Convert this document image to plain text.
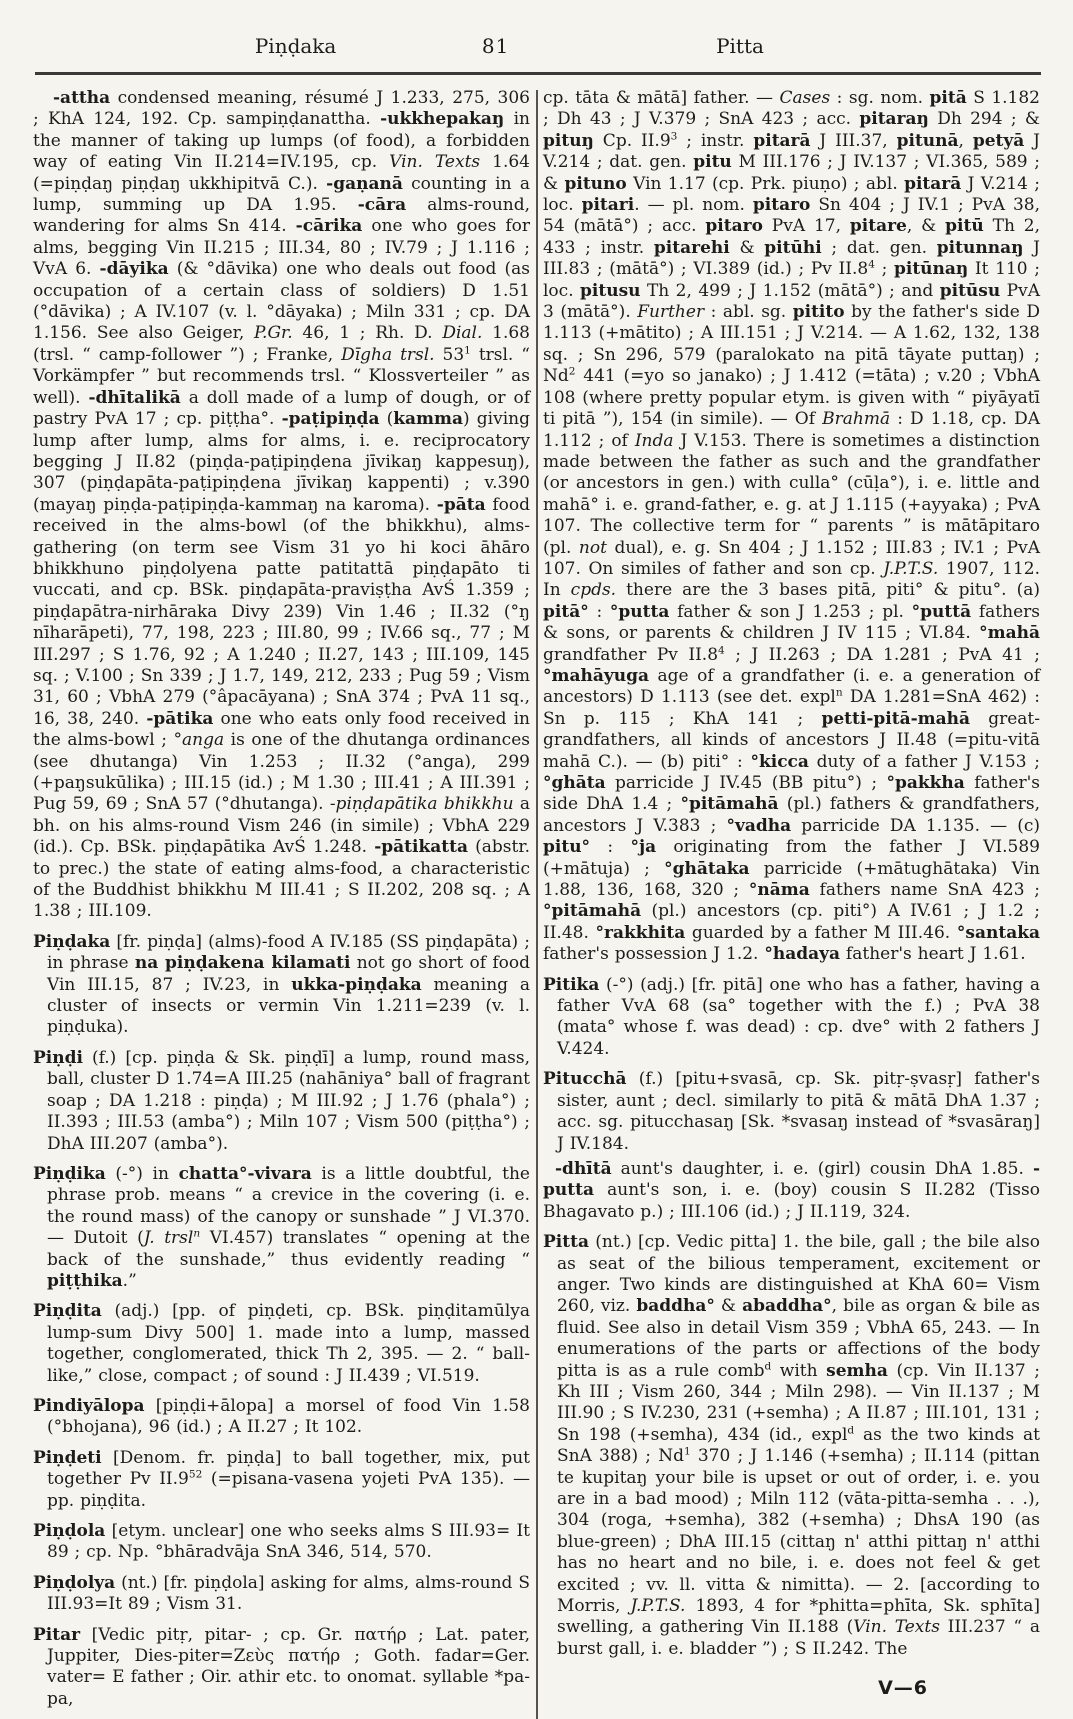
Piṇḍaka	81	Pitta

-attha condensed meaning, résumé J 1.233, 275, 306 ; KhA 124, 192. Cp. sampiṇḍanattha. -ukkhepakaŋ in the manner of taking up lumps (of food), a forbidden way of eating Vin II.214=IV.195, cp. Vin. Texts 1.64 (=piṇḍaŋ piṇḍaŋ ukkhipitvā C.). -gaṇanā counting in a lump, summing up DA 1.95. -cāra alms-round, wandering for alms Sn 414. -cārika one who goes for alms, begging Vin II.215 ; III.34, 80 ; IV.79 ; J 1.116 ; VvA 6. -dāyika (& °dāvika) one who deals out food (as occupation of a certain class of soldiers) D 1.51 (°dāvika) ; A IV.107 (v. l. °dāyaka) ; Miln 331 ; cp. DA 1.156. See also Geiger, P.Gr. 46, 1 ; Rh. D. Dial. 1.68 (trsl. “ camp-follower ”) ; Franke, Dīgha trsl. $53^1$ trsl. “ Vorkämpfer ” but recommends trsl. “ Klossverteiler ” as well). -dhītalikā a doll made of a lump of dough, or of pastry PvA 17 ; cp. piṭṭha°. -paṭipiṇḍa (kamma) giving lump after lump, alms for alms, i. e. reciprocatory begging J II.82 (piṇḍa-paṭipiṇḍena jīvikaŋ kappesuŋ), 307 (piṇḍapāta-paṭipiṇḍena jīvikaŋ kappenti) ; v.390 (mayaŋ piṇḍa-paṭipiṇḍa-kammaŋ na karoma). -pāta food received in the alms-bowl (of the bhikkhu), alms-gathering (on term see Vism 31 yo hi koci āhāro bhikkhuno piṇḍolyena patte patitattā piṇḍapāto ti vuccati, and cp. BSk. piṇḍapāta-praviṣṭha AvŚ 1.359 ; piṇḍapātra-nirhāraka Divy 239) Vin 1.46 ; II.32 (°ŋ nīharāpeti), 77, 198, 223 ; III.80, 99 ; IV.66 sq., 77 ; M III.297 ; S 1.76, 92 ; A 1.240 ; II.27, 143 ; III.109, 145 sq. ; V.100 ; Sn 339 ; J 1.7, 149, 212, 233 ; Pug 59 ; Vism 31, 60 ; VbhA 279 (°âpacāyana) ; SnA 374 ; PvA 11 sq., 16, 38, 240. -pātika one who eats only food received in the alms-bowl ; °anga is one of the dhutanga ordinances (see dhutanga) Vin 1.253 ; II.32 (°anga), 299 (+paŋsukūlika) ; III.15 (id.) ; M 1.30 ; III.41 ; A III.391 ; Pug 59, 69 ; SnA 57 (°dhutanga). -piṇḍapātika bhikkhu a bh. on his alms-round Vism 246 (in simile) ; VbhA 229 (id.). Cp. BSk. piṇḍapātika AvŚ 1.248. -pātikatta (abstr. to prec.) the state of eating alms-food, a characteristic of the Buddhist bhikkhu M III.41 ; S II.202, 208 sq. ; A 1.38 ; III.109.

Piṇḍaka [fr. piṇḍa] (alms)-food A IV.185 (SS piṇḍapāta) ; in phrase na piṇḍakena kilamati not go short of food Vin III.15, 87 ; IV.23, in ukka-piṇḍaka meaning a cluster of insects or vermin Vin 1.211=239 (v. l. piṇḍuka).

Piṇḍi (f.) [cp. piṇḍa & Sk. piṇḍī] a lump, round mass, ball, cluster D 1.74=A III.25 (nahāniya° ball of fragrant soap ; DA 1.218 : piṇḍa) ; M III.92 ; J 1.76 (phala°) ; II.393 ; III.53 (amba°) ; Miln 107 ; Vism 500 (piṭṭha°) ; DhA III.207 (amba°).

Piṇḍika (-°) in chatta°-vivara is a little doubtful, the phrase prob. means “ a crevice in the covering (i. e. the round mass) of the canopy or sunshade ” J VI.370. — Dutoit (J. trsl$^n$ VI.457) translates “ opening at the back of the sunshade,” thus evidently reading “ piṭṭhika.”

Piṇḍita (adj.) [pp. of piṇḍeti, cp. BSk. piṇḍitamūlya lump-sum Divy 500] 1. made into a lump, massed together, conglomerated, thick Th 2, 395. — 2. “ ball-like,” close, compact ; of sound : J II.439 ; VI.519.

Pindiyālopa [piṇḍi+ālopa] a morsel of food Vin 1.58 (°bhojana), 96 (id.) ; A II.27 ; It 102.

Piṇḍeti [Denom. fr. piṇḍa] to ball together, mix, put together Pv $II.9^{52}$ (=pisana-vasena yojeti PvA 135). — pp. piṇḍita.

Piṇḍola [etym. unclear] one who seeks alms S III.93= It 89 ; cp. Np. °bhāradvāja SnA 346, 514, 570.

Piṇḍolya (nt.) [fr. piṇḍola] asking for alms, alms-round S III.93=It 89 ; Vism 31.

Pitar [Vedic pitṛ, pitar- ; cp. Gr. πατήρ ; Lat. pater, Juppiter, Dies-piter=Ζεὺς πατήρ ; Goth. fadar=Ger. vater= E father ; Oir. athir etc. to onomat. syllable *pa-pa,

cp. tāta & mātā] father. — Cases : sg. nom. pitā S 1.182 ; Dh 43 ; J V.379 ; SnA 423 ; acc. pitaraŋ Dh 294 ; & pituŋ Cp. $II.9^3$ ; instr. pitarā J III.37, pitunā, petyā J V.214 ; dat. gen. pitu M III.176 ; J IV.137 ; VI.365, 589 ; & pituno Vin 1.17 (cp. Prk. piuṇo) ; abl. pitarā J V.214 ; loc. pitari. — pl. nom. pitaro Sn 404 ; J IV.1 ; PvA 38, 54 (mātā°) ; acc. pitaro PvA 17, pitare, & pitū Th 2, 433 ; instr. pitarehi & pitūhi ; dat. gen. pitunnaŋ J III.83 ; (mātā°) ; VI.389 (id.) ; Pv $II.8^4$ ; pitūnaŋ It 110 ; loc. pitusu Th 2, 499 ; J 1.152 (mātā°) ; and pitūsu PvA 3 (mātā°). Further : abl. sg. pitito by the father's side D 1.113 (+mātito) ; A III.151 ; J V.214. — A 1.62, 132, 138 sq. ; Sn 296, 579 (paralokato na pitā tāyate puttaŋ) ; Nd$^2$ 441 (=yo so janako) ; J 1.412 (=tāta) ; v.20 ; VbhA 108 (where pretty popular etym. is given with “ piyāyatī ti pitā ”), 154 (in simile). — Of Brahmā : D 1.18, cp. DA 1.112 ; of Inda J V.153. There is sometimes a distinction made between the father as such and the grandfather (or ancestors in gen.) with culla° (cūḷa°), i. e. little and mahā° i. e. grand-father, e. g. at J 1.115 (+ayyaka) ; PvA 107. The collective term for “ parents ” is mātāpitaro (pl. not dual), e. g. Sn 404 ; J 1.152 ; III.83 ; IV.1 ; PvA 107. On similes of father and son cp. J.P.T.S. 1907, 112. In cpds. there are the 3 bases pitā, piti° & pitu°. (a) pitā° : °putta father & son J 1.253 ; pl. °puttā fathers & sons, or parents & children J IV 115 ; VI.84. °mahā grandfather Pv $II.8^4$ ; J II.263 ; DA 1.281 ; PvA 41 ; °mahāyuga age of a grandfather (i. e. a generation of ancestors) D 1.113 (see det. expl$^n$ DA 1.281=SnA 462) : Sn p. 115 ; KhA 141 ; petti-pitā-mahā great-grandfathers, all kinds of ancestors J II.48 (=pitu-vitā mahā C.). — (b) piti° : °kicca duty of a father J V.153 ; °ghāta parricide J IV.45 (BB pitu°) ; °pakkha father's side DhA 1.4 ; °pitāmahā (pl.) fathers & grandfathers, ancestors J V.383 ; °vadha parricide DA 1.135. — (c) pitu° : °ja originating from the father J VI.589 (+mātuja) ; °ghātaka parricide (+mātughātaka) Vin 1.88, 136, 168, 320 ; °nāma fathers name SnA 423 ; °pitāmahā (pl.) ancestors (cp. piti°) A IV.61 ; J 1.2 ; II.48. °rakkhita guarded by a father M III.46. °santaka father's possession J 1.2. °hadaya father's heart J 1.61.

Pitika (-°) (adj.) [fr. pitā] one who has a father, having a father VvA 68 (sa° together with the f.) ; PvA 38 (mata° whose f. was dead) : cp. dve° with 2 fathers J V.424.

Pitucchā (f.) [pitu+svasā, cp. Sk. pitṛ-ṣvasṛ] father's sister, aunt ; decl. similarly to pitā & mātā DhA 1.37 ; acc. sg. pitucchasaŋ [Sk. *svasaŋ instead of *svasāraŋ] J IV.184.

-dhītā aunt's daughter, i. e. (girl) cousin DhA 1.85. -putta aunt's son, i. e. (boy) cousin S II.282 (Tisso Bhagavato p.) ; III.106 (id.) ; J II.119, 324.

Pitta (nt.) [cp. Vedic pitta] 1. the bile, gall ; the bile also as seat of the bilious temperament, excitement or anger. Two kinds are distinguished at KhA 60= Vism 260, viz. baddha° & abaddha°, bile as organ & bile as fluid. See also in detail Vism 359 ; VbhA 65, 243. — In enumerations of the parts or affections of the body pitta is as a rule comb$^d$ with semha (cp. Vin II.137 ; Kh III ; Vism 260, 344 ; Miln 298). — Vin II.137 ; M III.90 ; S IV.230, 231 (+semha) ; A II.87 ; III.101, 131 ; Sn 198 (+semha), 434 (id., expl$^d$ as the two kinds at SnA 388) ; Nd$^1$ 370 ; J 1.146 (+semha) ; II.114 (pittan te kupitaŋ your bile is upset or out of order, i. e. you are in a bad mood) ; Miln 112 (vāta-pitta-semha . . .), 304 (roga, +semha), 382 (+semha) ; DhsA 190 (as blue-green) ; DhA III.15 (cittaŋ n' atthi pittaŋ n' atthi has no heart and no bile, i. e. does not feel & get excited ; vv. ll. vitta & nimitta). — 2. [according to Morris, J.P.T.S. 1893, 4 for *phitta=phīta, Sk. sphīta] swelling, a gathering Vin II.188 (Vin. Texts III.237 “ a burst gall, i. e. bladder ”) ; S II.242. The

V—6
